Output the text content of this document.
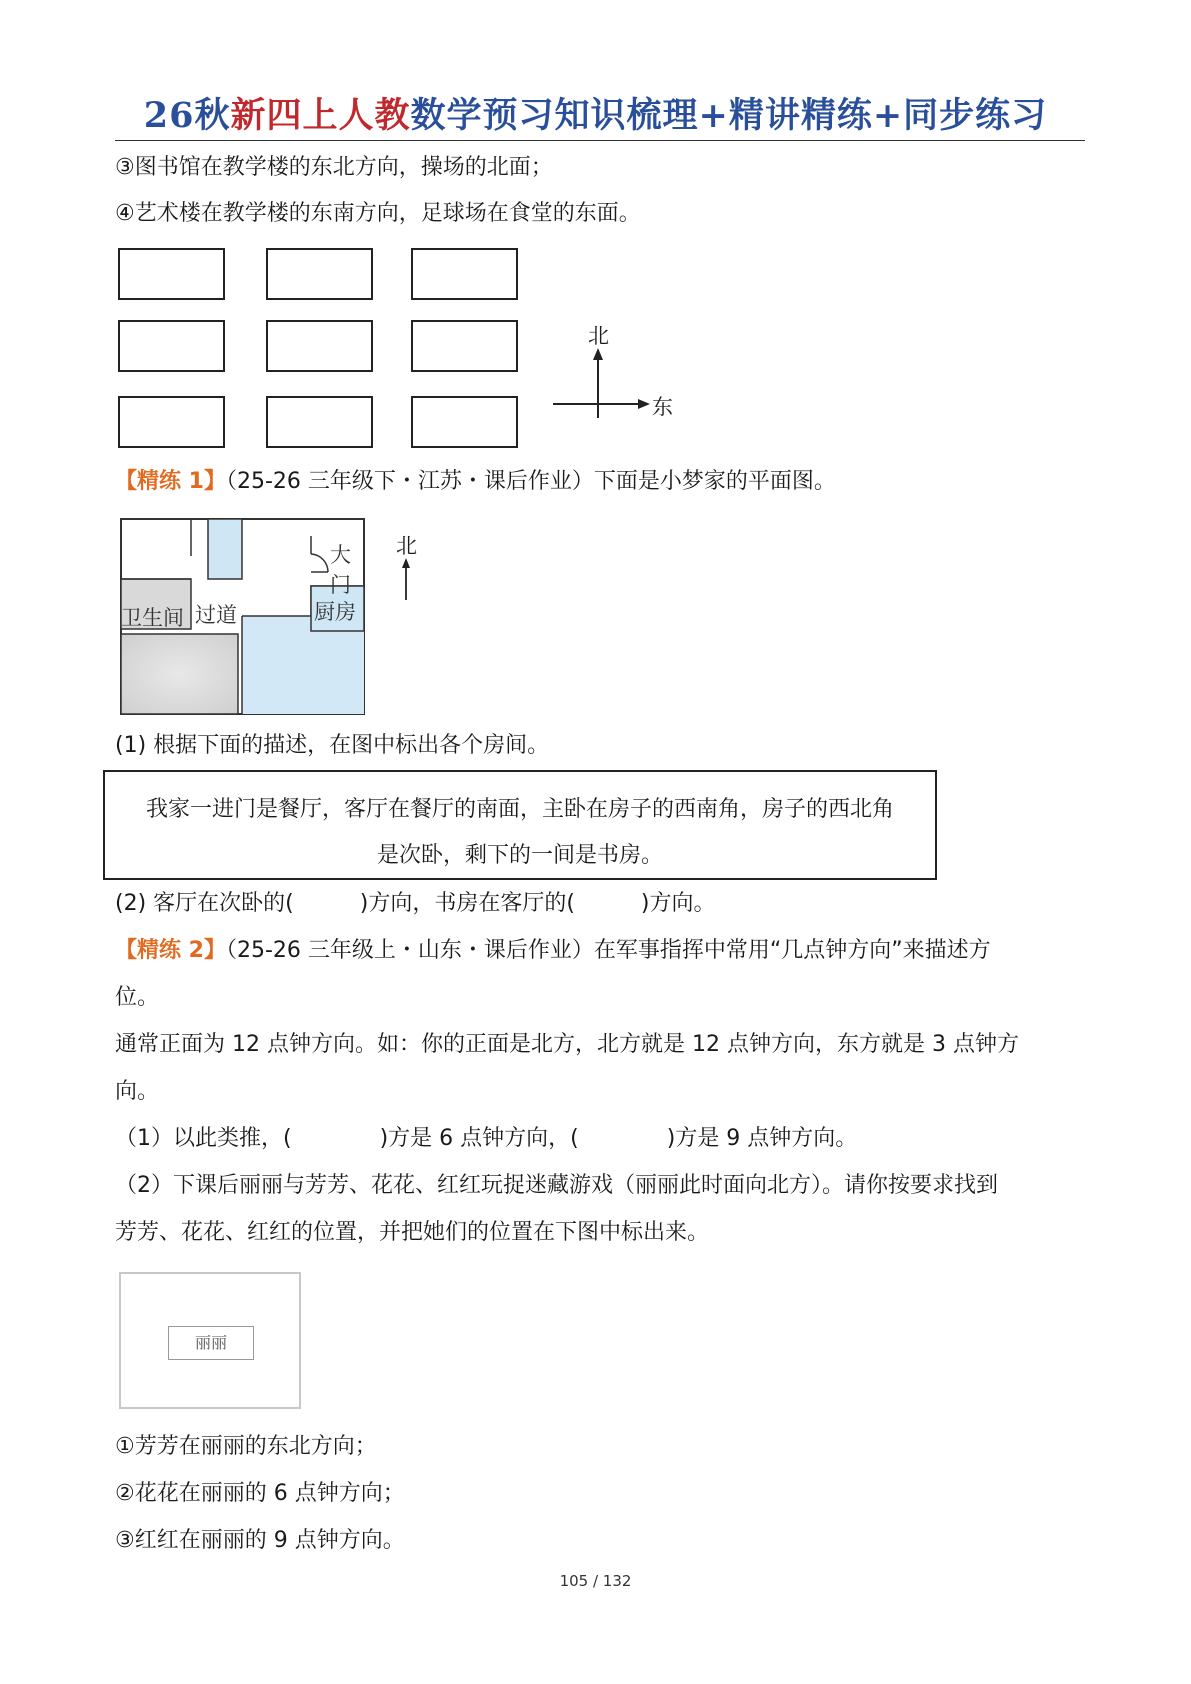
26秋新四上人教数学预习知识梳理+精讲精练+同步练习
③图书馆在教学楼的东北方向，操场的北面；
④艺术楼在教学楼的东南方向，足球场在食堂的东面。
北
东
【精练 1】（25-26 三年级下・江苏・课后作业）下面是小梦家的平面图。
卫生间 过道	厨房
大门
北
(1) 根据下面的描述，在图中标出各个房间。
我家一进门是餐厅，客厅在餐厅的南面，主卧在房子的西南角，房子的西北角
是次卧，剩下的一间是书房。
(2) 客厅在次卧的(　　　)方向，书房在客厅的(　　　)方向。
【精练 2】（25-26 三年级上・山东・课后作业）在军事指挥中常用“几点钟方向”来描述方
位。
通常正面为 12 点钟方向。如：你的正面是北方，北方就是 12 点钟方向，东方就是 3 点钟方
向。
（1）以此类推，(　　　　)方是 6 点钟方向，(　　　　)方是 9 点钟方向。
（2）下课后丽丽与芳芳、花花、红红玩捉迷藏游戏（丽丽此时面向北方）。请你按要求找到
芳芳、花花、红红的位置，并把她们的位置在下图中标出来。
丽丽
①芳芳在丽丽的东北方向；
②花花在丽丽的 6 点钟方向；
③红红在丽丽的 9 点钟方向。
105 / 132
